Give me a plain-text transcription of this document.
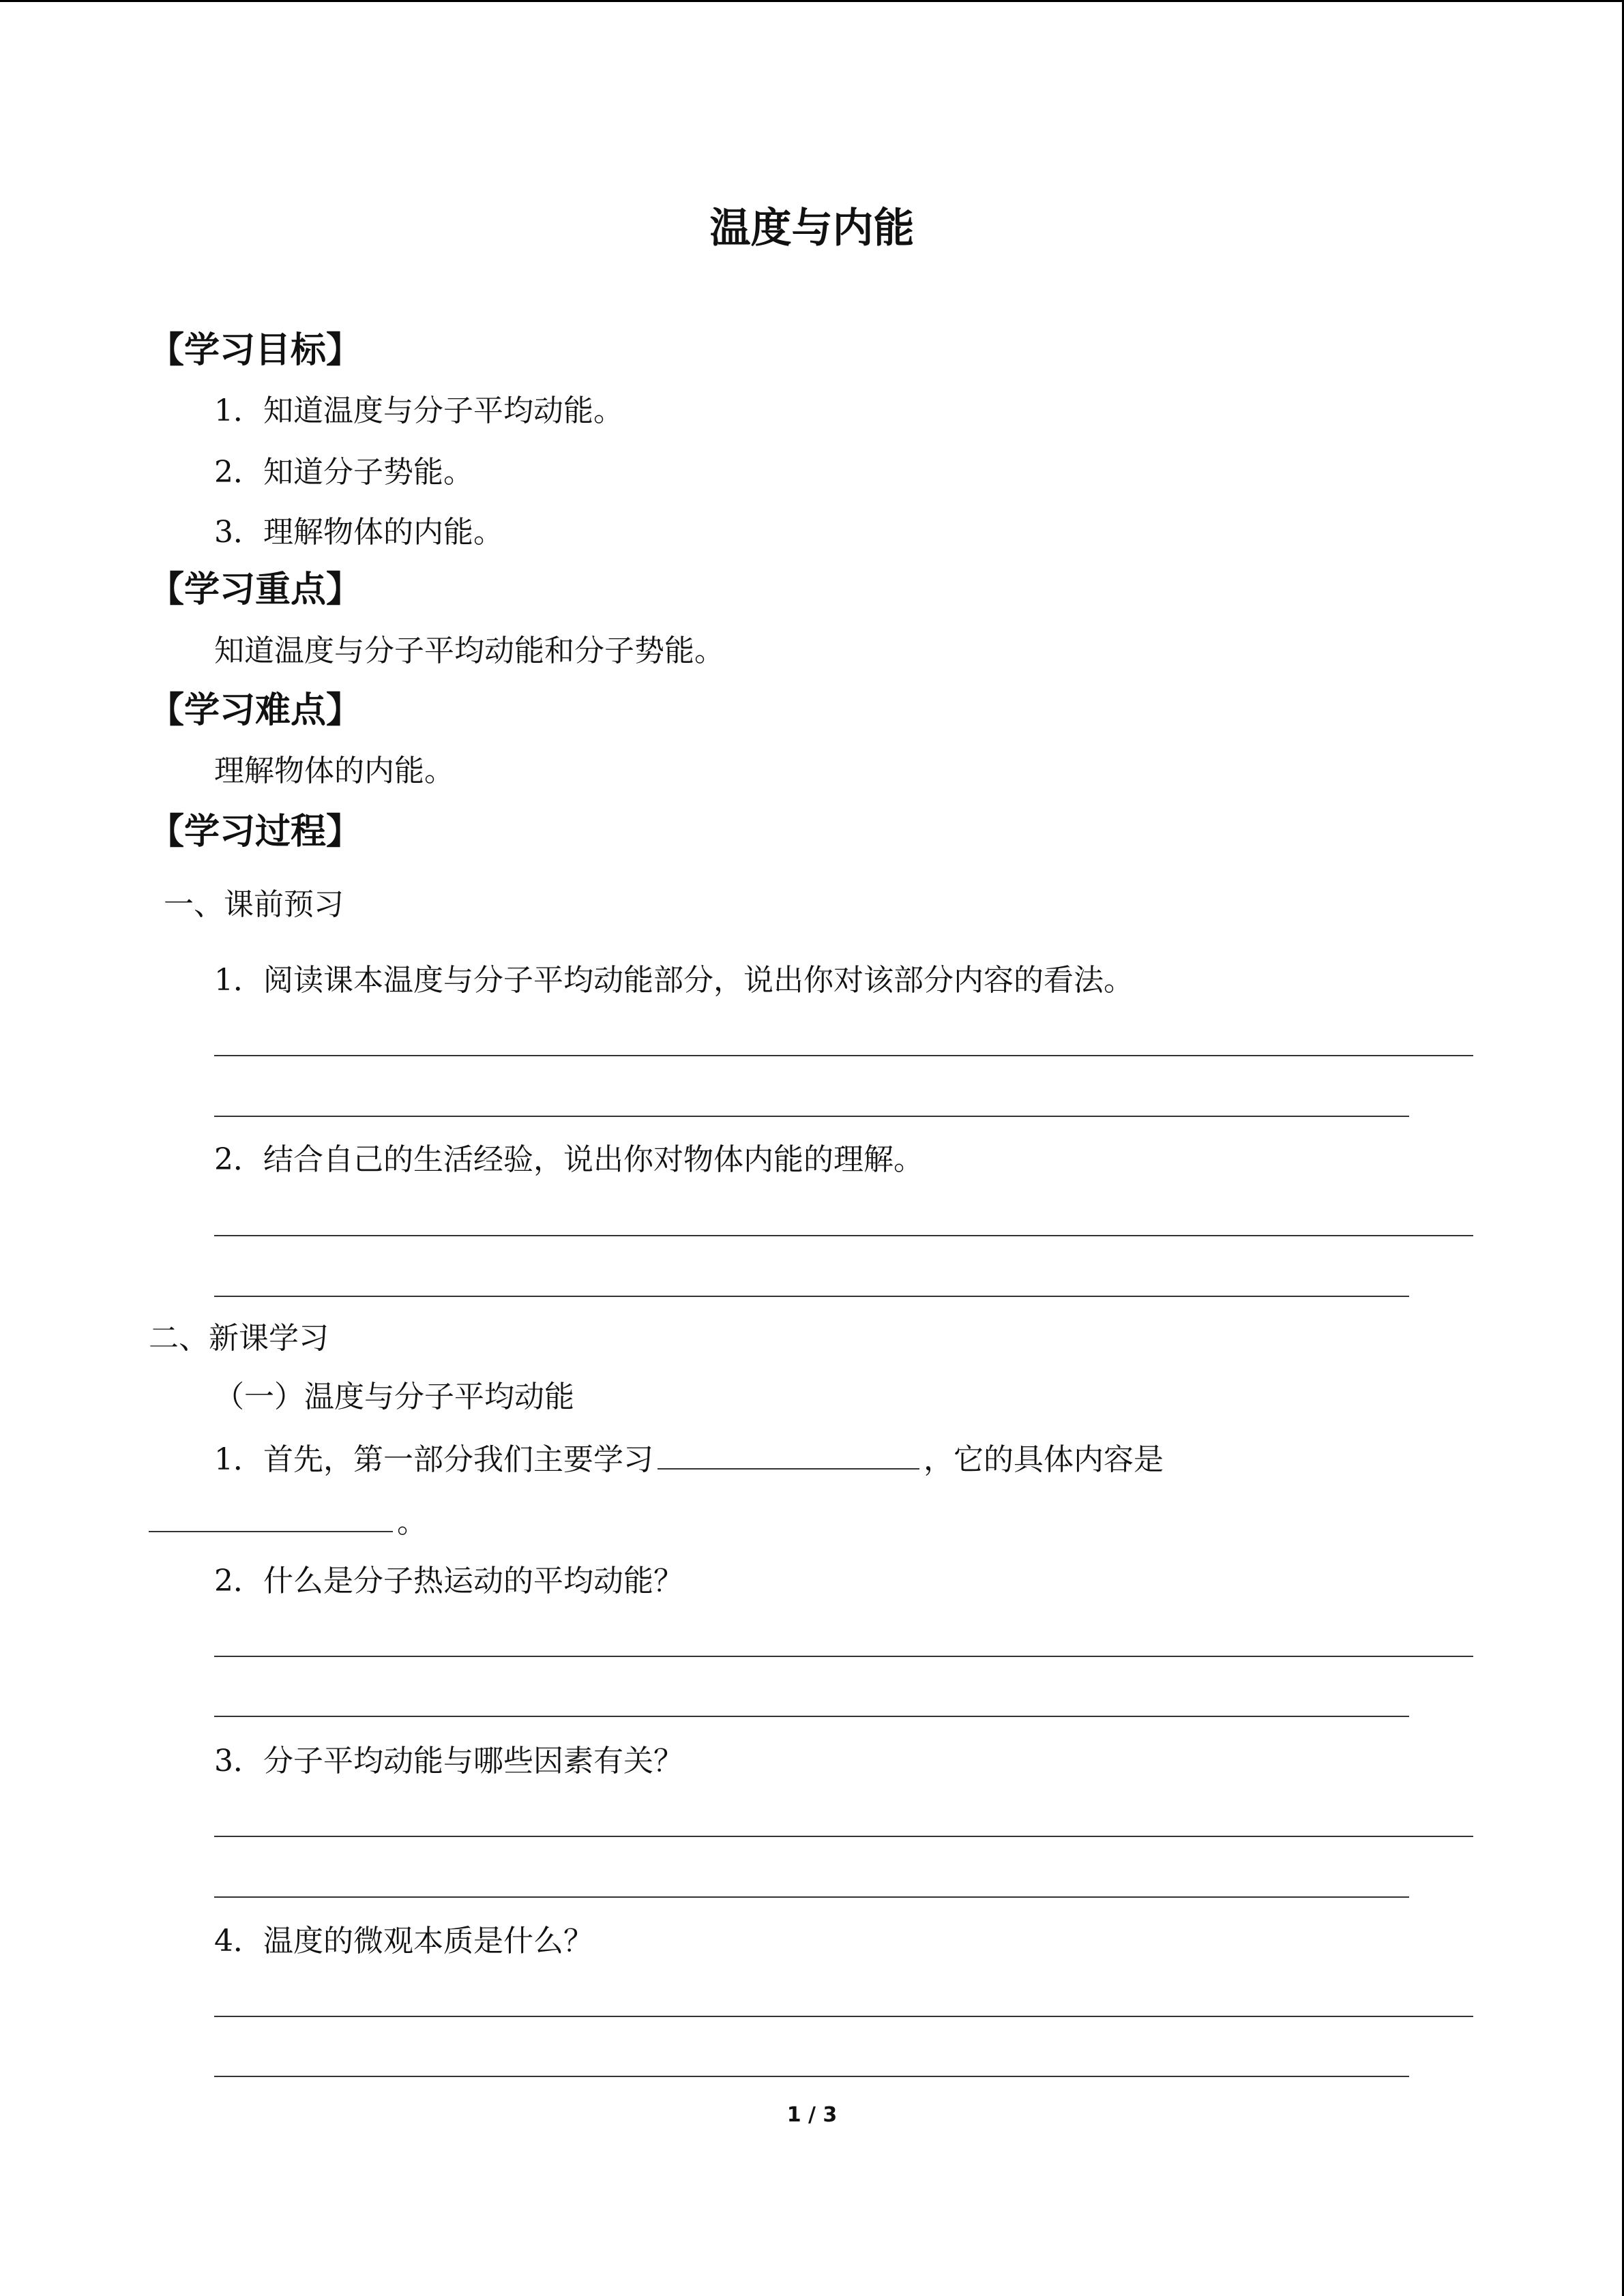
温度与内能
【学习目标】
1．知道温度与分子平均动能。
2．知道分子势能。
3．理解物体的内能。
【学习重点】
知道温度与分子平均动能和分子势能。
【学习难点】
理解物体的内能。
【学习过程】
一、课前预习
1．阅读课本温度与分子平均动能部分，说出你对该部分内容的看法。
2．结合自己的生活经验，说出你对物体内能的理解。
二、新课学习
（一）温度与分子平均动能
1．首先，第一部分我们主要学习	，它的具体内容是
。
2．什么是分子热运动的平均动能？
3．分子平均动能与哪些因素有关？
4．温度的微观本质是什么？
1 / 3
